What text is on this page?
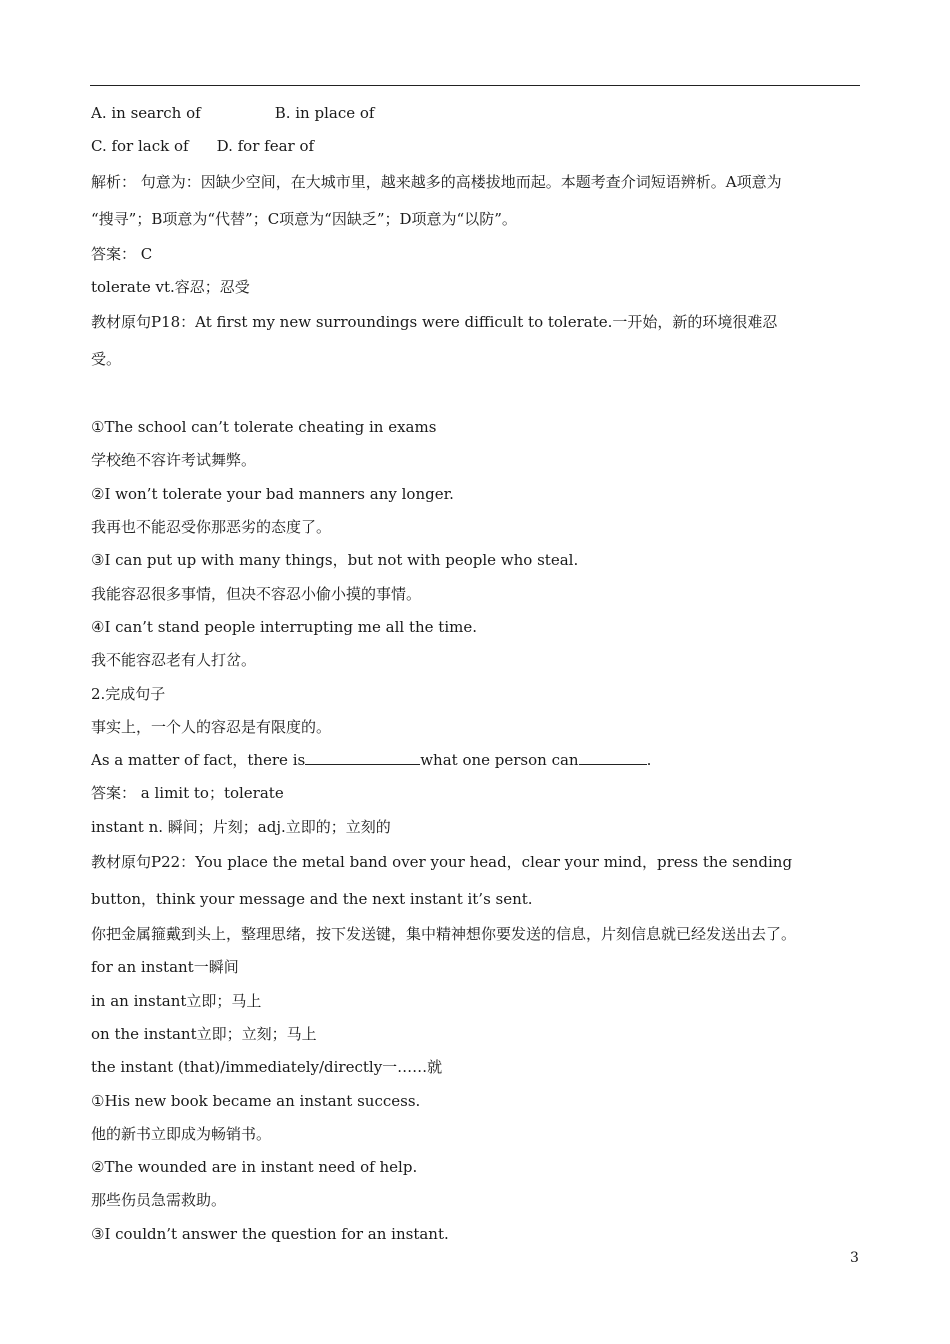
A. in search of	B. in place of
C. for lack of D. for fear of
解析： 句意为：因缺少空间，在大城市里，越来越多的高楼拔地而起。本题考查介词短语辨析。A项意为
“搜寻”；B项意为“代替”；C项意为“因缺乏”；D项意为“以防”。
答案： C
tolerate vt.容忍；忍受
教材原句P18：At first my new surroundings were difficult to tolerate.一开始，新的环境很难忍
受。
①The school can’t tolerate cheating in exams
学校绝不容许考试舞弊。
②I won’t tolerate your bad manners any longer.
我再也不能忍受你那恶劣的态度了。
③I can put up with many things，but not with people who steal.
我能容忍很多事情，但决不容忍小偷小摸的事情。
④I can’t stand people interrupting me all the time.
我不能容忍老有人打岔。
2.完成句子
事实上，一个人的容忍是有限度的。
As a matter of fact，there is	what one person can	.
答案： a limit to；tolerate
instant n. 瞬间；片刻；adj.立即的；立刻的
教材原句P22：You place the metal band over your head，clear your mind，press the sending
button，think your message and the next instant it’s sent.
你把金属箍戴到头上，整理思绪，按下发送键，集中精神想你要发送的信息，片刻信息就已经发送出去了。
for an instant一瞬间
in an instant立即；马上
on the instant立即；立刻；马上
the instant (that)/immediately/directly一……就
①His new book became an instant success.
他的新书立即成为畅销书。
②The wounded are in instant need of help.
那些伤员急需救助。
③I couldn’t answer the question for an instant.
3
